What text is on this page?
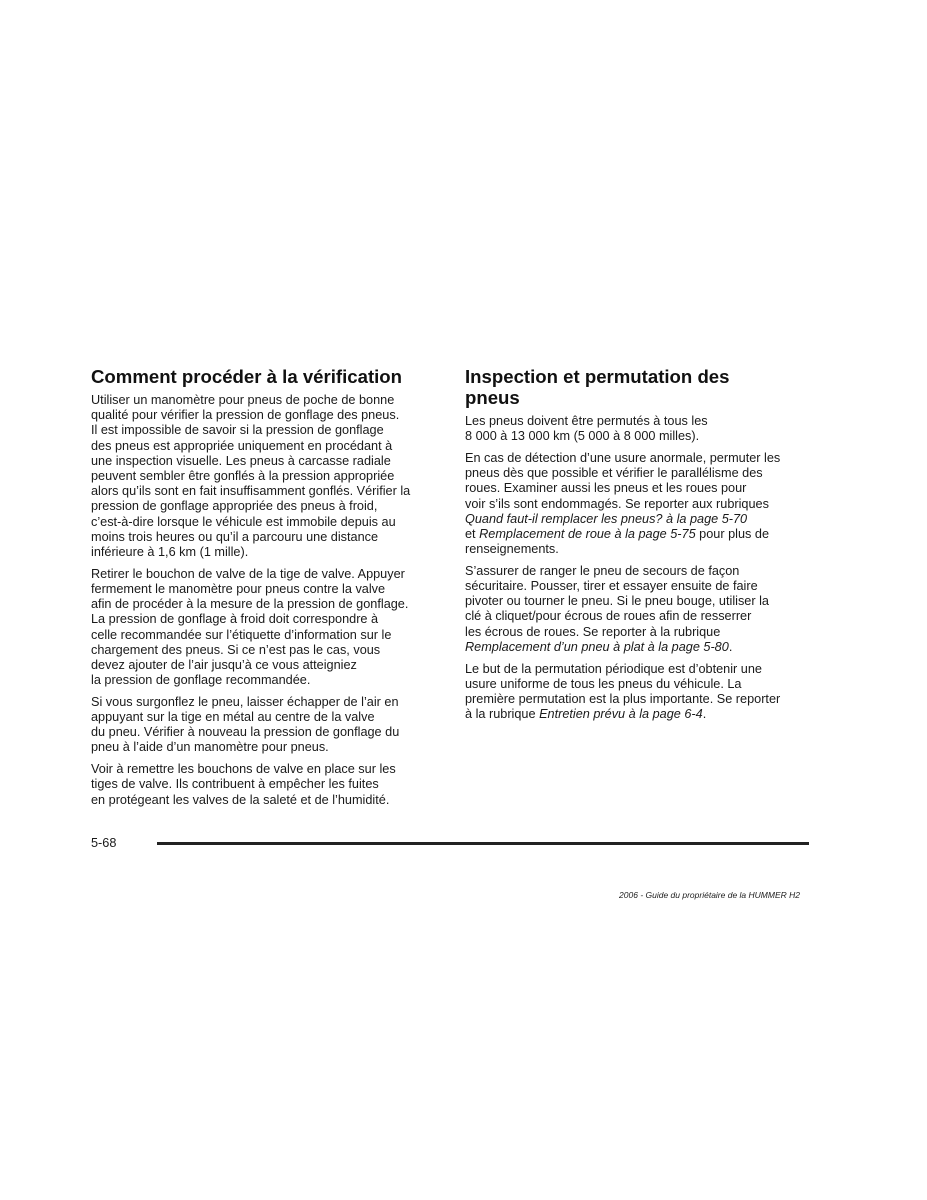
Comment procéder à la vérification

Utiliser un manomètre pour pneus de poche de bonne
qualité pour vérifier la pression de gonflage des pneus.
Il est impossible de savoir si la pression de gonflage
des pneus est appropriée uniquement en procédant à
une inspection visuelle. Les pneus à carcasse radiale
peuvent sembler être gonflés à la pression appropriée
alors qu’ils sont en fait insuffisamment gonflés. Vérifier la
pression de gonflage appropriée des pneus à froid,
c’est-à-dire lorsque le véhicule est immobile depuis au
moins trois heures ou qu’il a parcouru une distance
inférieure à 1,6 km (1 mille).

Retirer le bouchon de valve de la tige de valve. Appuyer
fermement le manomètre pour pneus contre la valve
afin de procéder à la mesure de la pression de gonflage.
La pression de gonflage à froid doit correspondre à
celle recommandée sur l’étiquette d’information sur le
chargement des pneus. Si ce n’est pas le cas, vous
devez ajouter de l’air jusqu’à ce vous atteigniez
la pression de gonflage recommandée.

Si vous surgonflez le pneu, laisser échapper de l’air en
appuyant sur la tige en métal au centre de la valve
du pneu. Vérifier à nouveau la pression de gonflage du
pneu à l’aide d’un manomètre pour pneus.

Voir à remettre les bouchons de valve en place sur les
tiges de valve. Ils contribuent à empêcher les fuites
en protégeant les valves de la saleté et de l’humidité.

Inspection et permutation des
pneus

Les pneus doivent être permutés à tous les
8 000 à 13 000 km (5 000 à 8 000 milles).

En cas de détection d’une usure anormale, permuter les
pneus dès que possible et vérifier le parallélisme des
roues. Examiner aussi les pneus et les roues pour
voir s’ils sont endommagés. Se reporter aux rubriques
Quand faut-il remplacer les pneus? à la page 5-70
et Remplacement de roue à la page 5-75 pour plus de
renseignements.

S’assurer de ranger le pneu de secours de façon
sécuritaire. Pousser, tirer et essayer ensuite de faire
pivoter ou tourner le pneu. Si le pneu bouge, utiliser la
clé à cliquet/pour écrous de roues afin de resserrer
les écrous de roues. Se reporter à la rubrique
Remplacement d’un pneu à plat à la page 5-80.

Le but de la permutation périodique est d’obtenir une
usure uniforme de tous les pneus du véhicule. La
première permutation est la plus importante. Se reporter
à la rubrique Entretien prévu à la page 6-4.

5-68
2006 - Guide du propriétaire de la HUMMER H2
